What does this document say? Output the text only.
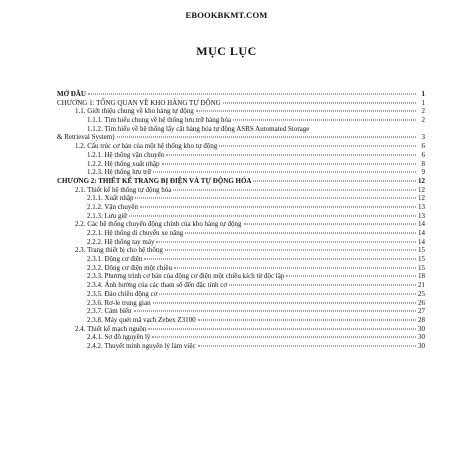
EBOOKBKMT.COM
MỤC LỤC
MỞ ĐẦU	1
CHƯƠNG 1: TỔNG QUAN VỀ KHO HÀNG TỰ ĐỘNG	1
1.1. Giới thiệu chung về kho hàng tự động	2
1.1.1. Tìm hiểu chung về hệ thống lưu trữ hàng hóa	2
1.1.2. Tìm hiểu về hệ thống lấy cất hàng hóa tự động ASRS Automated Storage
& Retrieval System)	3
1.2. Cấu trúc cơ bản của một hệ thống kho tự động	6
1.2.1. Hệ thống vận chuyển	6
1.2.2. Hệ thống xuất nhập	8
1.2.3. Hệ thống lưu trữ	9
CHƯƠNG 2: THIẾT KẾ TRANG BỊ ĐIỆN VÀ TỰ ĐỘNG HÓA	12
2.1. Thiết kế hệ thống tự động hóa	12
2.1.1. Xuất nhập	12
2.1.2. Vận chuyển	13
2.1.3. Lưu giữ	13
2.2. Các hệ thống chuyển động chính của kho hàng tự động	14
2.2.1. Hệ thống di chuyển xe nâng	14
2.2.2. Hệ thống tay máy	14
2.3. Trang thiết bị cho hệ thống	15
2.3.1. Động cơ điện	15
2.3.2. Động cơ điện một chiều	15
2.3.3. Phương trình cơ bản của động cơ điện một chiều kích từ độc lập	18
2.3.4. Ảnh hưởng của các tham số đến đặc tính cơ	21
2.3.5. Đảo chiều động cơ	25
2.3.6. Rơ-le trung gian	26
2.3.7. Cảm biến	27
2.3.8. Máy quét mã vạch Zebex Z3100	28
2.4. Thiết kế mạch nguồn	30
2.4.1. Sơ đồ nguyên lý	30
2.4.2. Thuyết minh nguyên lý làm việc	30
